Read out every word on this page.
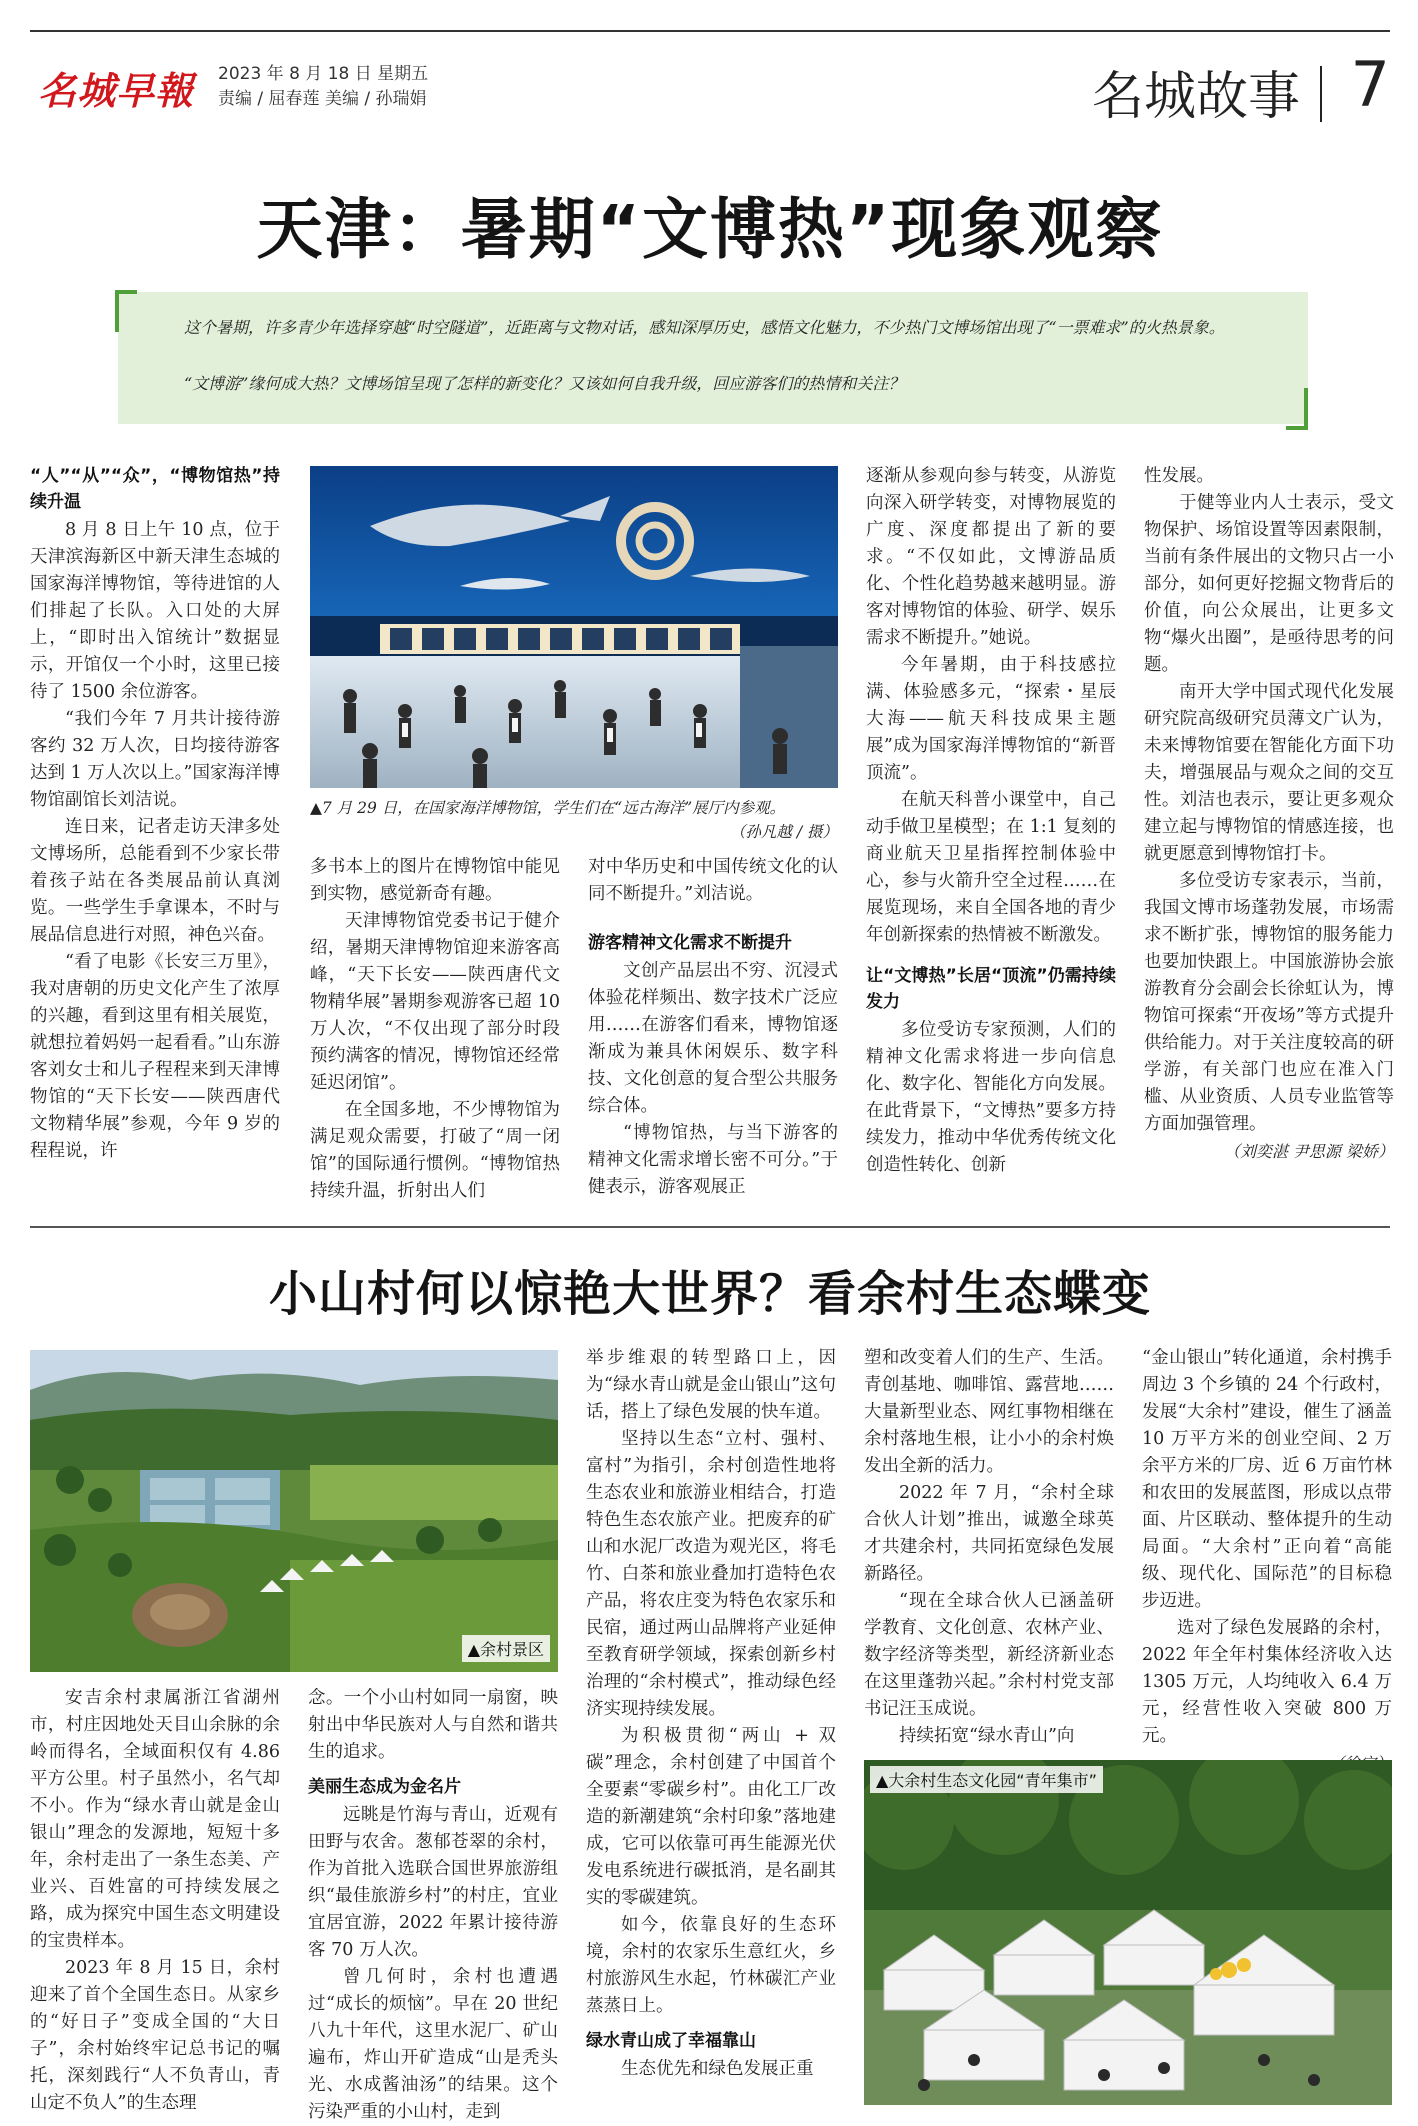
名城早報 2023 年 8 月 18 日 星期五
责编 / 屈春莲 美编 / 孙瑞娟	名城故事 7
天津：暑期“文博热”现象观察

这个暑期，许多青少年选择穿越“时空隧道”，近距离与文物对话，感知深厚历史，感悟文化魅力，不少热门文博场馆出现了“一票难求”的火热景象。

“文博游”缘何成大热？文博场馆呈现了怎样的新变化？又该如何自我升级，回应游客们的热情和关注？

“人”“从”“众”，“博物馆热”持续升温

8 月 8 日上午 10 点，位于天津滨海新区中新天津生态城的国家海洋博物馆，等待进馆的人们排起了长队。入口处的大屏上，“即时出入馆统计”数据显示，开馆仅一个小时，这里已接待了 1500 余位游客。

“我们今年 7 月共计接待游客约 32 万人次，日均接待游客达到 1 万人次以上。”国家海洋博物馆副馆长刘洁说。

连日来，记者走访天津多处文博场所，总能看到不少家长带着孩子站在各类展品前认真浏览。一些学生手拿课本，不时与展品信息进行对照，神色兴奋。

“看了电影《长安三万里》，我对唐朝的历史文化产生了浓厚的兴趣，看到这里有相关展览，就想拉着妈妈一起看看。”山东游客刘女士和儿子程程来到天津博物馆的“天下长安——陕西唐代文物精华展”参观，今年 9 岁的程程说，许

▲7 月 29 日，在国家海洋博物馆，学生们在“远古海洋”展厅内参观。
（孙凡越 / 摄）

多书本上的图片在博物馆中能见到实物，感觉新奇有趣。

天津博物馆党委书记于健介绍，暑期天津博物馆迎来游客高峰，“天下长安——陕西唐代文物精华展”暑期参观游客已超 10 万人次，“不仅出现了部分时段预约满客的情况，博物馆还经常延迟闭馆”。

在全国多地，不少博物馆为满足观众需要，打破了“周一闭馆”的国际通行惯例。“博物馆热持续升温，折射出人们

对中华历史和中国传统文化的认同不断提升。”刘洁说。

游客精神文化需求不断提升

文创产品层出不穷、沉浸式体验花样频出、数字技术广泛应用……在游客们看来，博物馆逐渐成为兼具休闲娱乐、数字科技、文化创意的复合型公共服务综合体。

“博物馆热，与当下游客的精神文化需求增长密不可分。”于健表示，游客观展正

逐渐从参观向参与转变，从游览向深入研学转变，对博物展览的广度、深度都提出了新的要求。“不仅如此，文博游品质化、个性化趋势越来越明显。游客对博物馆的体验、研学、娱乐需求不断提升。”她说。

今年暑期，由于科技感拉满、体验感多元，“探索・星辰大海——航天科技成果主题展”成为国家海洋博物馆的“新晋顶流”。

在航天科普小课堂中，自己动手做卫星模型；在 1:1 复刻的商业航天卫星指挥控制体验中心，参与火箭升空全过程……在展览现场，来自全国各地的青少年创新探索的热情被不断激发。

让“文博热”长居“顶流”仍需持续发力

多位受访专家预测，人们的精神文化需求将进一步向信息化、数字化、智能化方向发展。在此背景下，“文博热”要多方持续发力，推动中华优秀传统文化创造性转化、创新

性发展。

于健等业内人士表示，受文物保护、场馆设置等因素限制，当前有条件展出的文物只占一小部分，如何更好挖掘文物背后的价值，向公众展出，让更多文物“爆火出圈”，是亟待思考的问题。

南开大学中国式现代化发展研究院高级研究员薄文广认为，未来博物馆要在智能化方面下功夫，增强展品与观众之间的交互性。刘洁也表示，要让更多观众建立起与博物馆的情感连接，也就更愿意到博物馆打卡。

多位受访专家表示，当前，我国文博市场蓬勃发展，市场需求不断扩张，博物馆的服务能力也要加快跟上。中国旅游协会旅游教育分会副会长徐虹认为，博物馆可探索“开夜场”等方式提升供给能力。对于关注度较高的研学游，有关部门也应在准入门槛、从业资质、人员专业监管等方面加强管理。

（刘奕湛 尹思源 梁娇）
小山村何以惊艳大世界？看余村生态蝶变
▲余村景区

安吉余村隶属浙江省湖州市，村庄因地处天目山余脉的余岭而得名，全域面积仅有 4.86 平方公里。村子虽然小，名气却不小。作为“绿水青山就是金山银山”理念的发源地，短短十多年，余村走出了一条生态美、产业兴、百姓富的可持续发展之路，成为探究中国生态文明建设的宝贵样本。

2023 年 8 月 15 日，余村迎来了首个全国生态日。从家乡的“好日子”变成全国的“大日子”，余村始终牢记总书记的嘱托，深刻践行“人不负青山，青山定不负人”的生态理

念。一个小山村如同一扇窗，映射出中华民族对人与自然和谐共生的追求。

美丽生态成为金名片

远眺是竹海与青山，近观有田野与农舍。葱郁苍翠的余村，作为首批入选联合国世界旅游组织“最佳旅游乡村”的村庄，宜业宜居宜游，2022 年累计接待游客 70 万人次。

曾几何时，余村也遭遇过“成长的烦恼”。早在 20 世纪八九十年代，这里水泥厂、矿山遍布，炸山开矿造成“山是秃头光、水成酱油汤”的结果。这个污染严重的小山村，走到

举步维艰的转型路口上，因为“绿水青山就是金山银山”这句话，搭上了绿色发展的快车道。

坚持以生态“立村、强村、富村”为指引，余村创造性地将生态农业和旅游业相结合，打造特色生态农旅产业。把废弃的矿山和水泥厂改造为观光区，将毛竹、白茶和旅业叠加打造特色农产品，将农庄变为特色农家乐和民宿，通过两山品牌将产业延伸至教育研学领域，探索创新乡村治理的“余村模式”，推动绿色经济实现持续发展。

为积极贯彻“两山 + 双碳”理念，余村创建了中国首个全要素“零碳乡村”。由化工厂改造的新潮建筑“余村印象”落地建成，它可以依靠可再生能源光伏发电系统进行碳抵消，是名副其实的零碳建筑。

如今，依靠良好的生态环境，余村的农家乐生意红火，乡村旅游风生水起，竹林碳汇产业蒸蒸日上。

绿水青山成了幸福靠山

生态优先和绿色发展正重

塑和改变着人们的生产、生活。青创基地、咖啡馆、露营地……大量新型业态、网红事物相继在余村落地生根，让小小的余村焕发出全新的活力。

2022 年 7 月，“余村全球合伙人计划”推出，诚邀全球英才共建余村，共同拓宽绿色发展新路径。

“现在全球合伙人已涵盖研学教育、文化创意、农林产业、数字经济等类型，新经济新业态在这里蓬勃兴起。”余村村党支部书记汪玉成说。

持续拓宽“绿水青山”向

“金山银山”转化通道，余村携手周边 3 个乡镇的 24 个行政村，发展“大余村”建设，催生了涵盖 10 万平方米的创业空间、2 万余平方米的厂房、近 6 万亩竹林和农田的发展蓝图，形成以点带面、片区联动、整体提升的生动局面。“大余村”正向着“高能级、现代化、国际范”的目标稳步迈进。

选对了绿色发展路的余村，2022 年全年村集体经济收入达 1305 万元，人均纯收入 6.4 万元，经营性收入突破 800 万元。

▲大余村生态文化园“青年集市”
